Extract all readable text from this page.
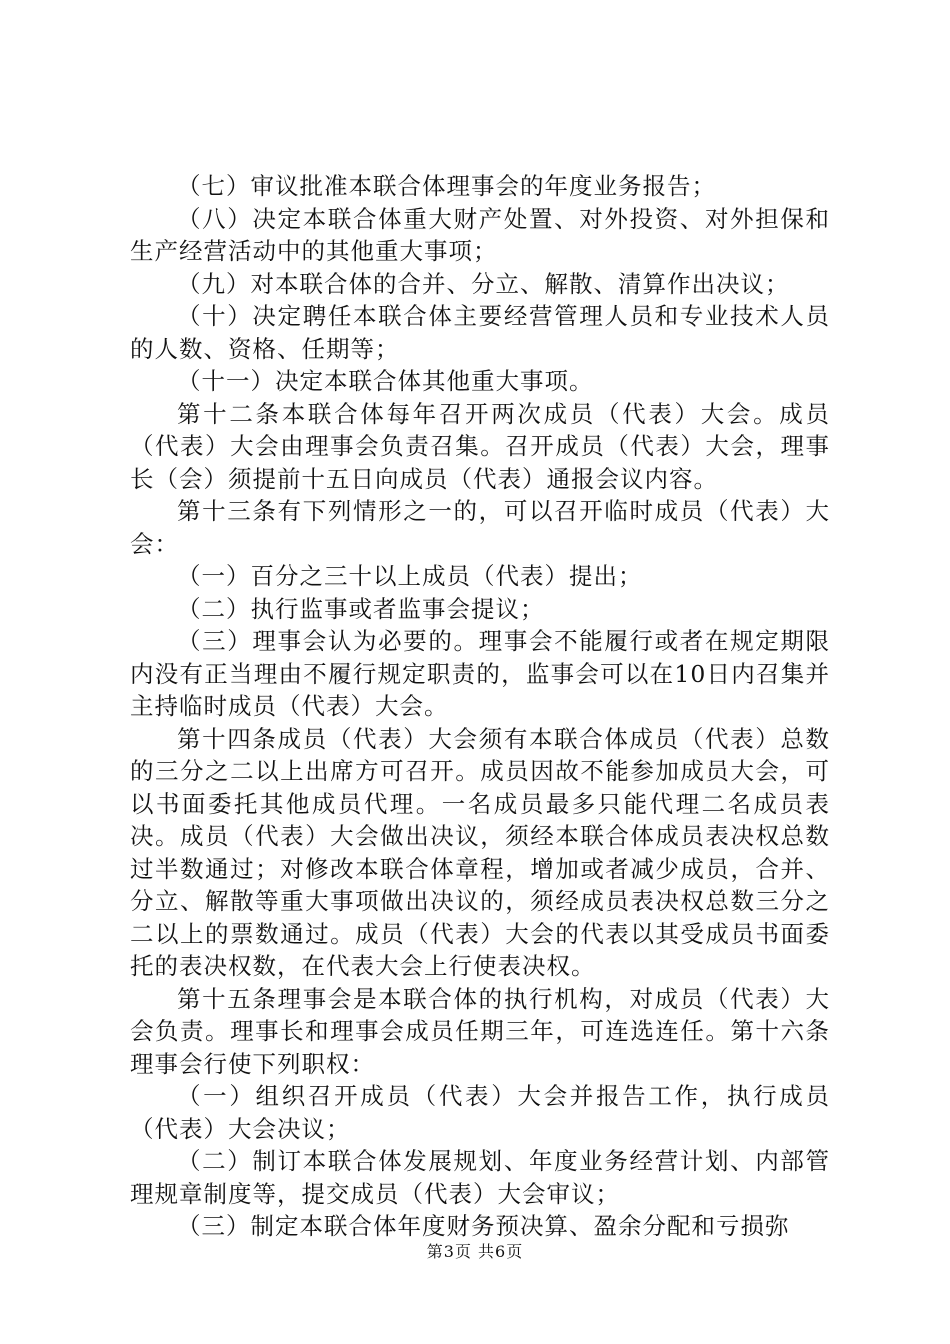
（七）审议批准本联合体理事会的年度业务报告；

（八）决定本联合体重大财产处置、对外投资、对外担保和生产经营活动中的其他重大事项；

（九）对本联合体的合并、分立、解散、清算作出决议；

（十）决定聘任本联合体主要经营管理人员和专业技术人员的人数、资格、任期等；

（十一）决定本联合体其他重大事项。

第十二条本联合体每年召开两次成员（代表）大会。成员（代表）大会由理事会负责召集。召开成员（代表）大会，理事长（会）须提前十五日向成员（代表）通报会议内容。

第十三条有下列情形之一的，可以召开临时成员（代表）大会：

（一）百分之三十以上成员（代表）提出；

（二）执行监事或者监事会提议；

（三）理事会认为必要的。理事会不能履行或者在规定期限内没有正当理由不履行规定职责的，监事会可以在10日内召集并主持临时成员（代表）大会。

第十四条成员（代表）大会须有本联合体成员（代表）总数的三分之二以上出席方可召开。成员因故不能参加成员大会，可以书面委托其他成员代理。一名成员最多只能代理二名成员表决。成员（代表）大会做出决议，须经本联合体成员表决权总数过半数通过；对修改本联合体章程，增加或者减少成员，合并、分立、解散等重大事项做出决议的，须经成员表决权总数三分之二以上的票数通过。成员（代表）大会的代表以其受成员书面委托的表决权数，在代表大会上行使表决权。

第十五条理事会是本联合体的执行机构，对成员（代表）大会负责。理事长和理事会成员任期三年，可连选连任。第十六条理事会行使下列职权：

（一）组织召开成员（代表）大会并报告工作，执行成员（代表）大会决议；

（二）制订本联合体发展规划、年度业务经营计划、内部管理规章制度等，提交成员（代表）大会审议；

（三）制定本联合体年度财务预决算、盈余分配和亏损弥

第3页 共6页
